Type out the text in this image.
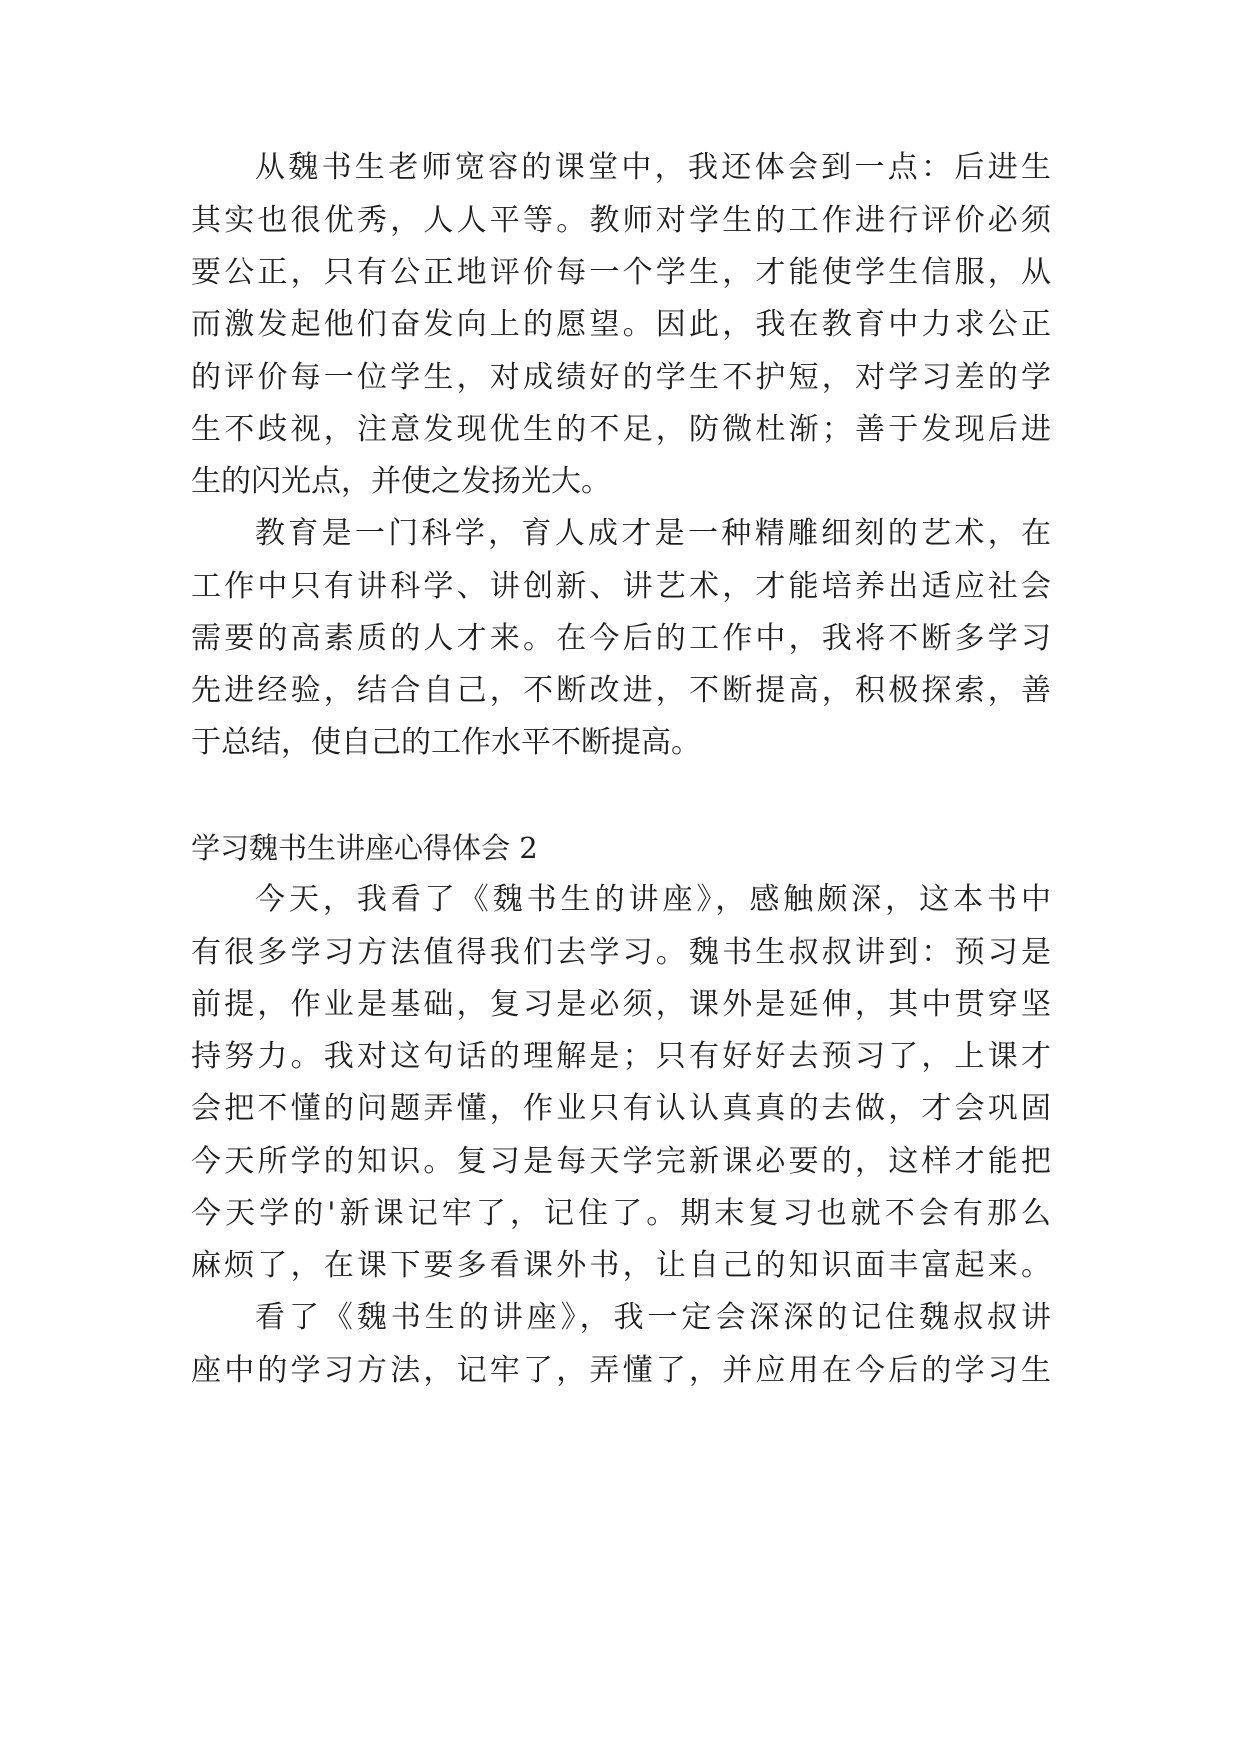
从魏书生老师宽容的课堂中，我还体会到一点：后进生

其实也很优秀，人人平等。教师对学生的工作进行评价必须

要公正，只有公正地评价每一个学生，才能使学生信服，从

而激发起他们奋发向上的愿望。因此，我在教育中力求公正

的评价每一位学生，对成绩好的学生不护短，对学习差的学

生不歧视，注意发现优生的不足，防微杜渐；善于发现后进

生的闪光点，并使之发扬光大。

教育是一门科学，育人成才是一种精雕细刻的艺术，在

工作中只有讲科学、讲创新、讲艺术，才能培养出适应社会

需要的高素质的人才来。在今后的工作中，我将不断多学习

先进经验，结合自己，不断改进，不断提高，积极探索，善

于总结，使自己的工作水平不断提高。

学习魏书生讲座心得体会 2

今天，我看了《魏书生的讲座》，感触颇深，这本书中

有很多学习方法值得我们去学习。魏书生叔叔讲到：预习是

前提，作业是基础，复习是必须，课外是延伸，其中贯穿坚

持努力。我对这句话的理解是；只有好好去预习了，上课才

会把不懂的问题弄懂，作业只有认认真真的去做，才会巩固

今天所学的知识。复习是每天学完新课必要的，这样才能把

今天学的'新课记牢了，记住了。期末复习也就不会有那么

麻烦了，在课下要多看课外书，让自己的知识面丰富起来。

看了《魏书生的讲座》，我一定会深深的记住魏叔叔讲

座中的学习方法，记牢了，弄懂了，并应用在今后的学习生
